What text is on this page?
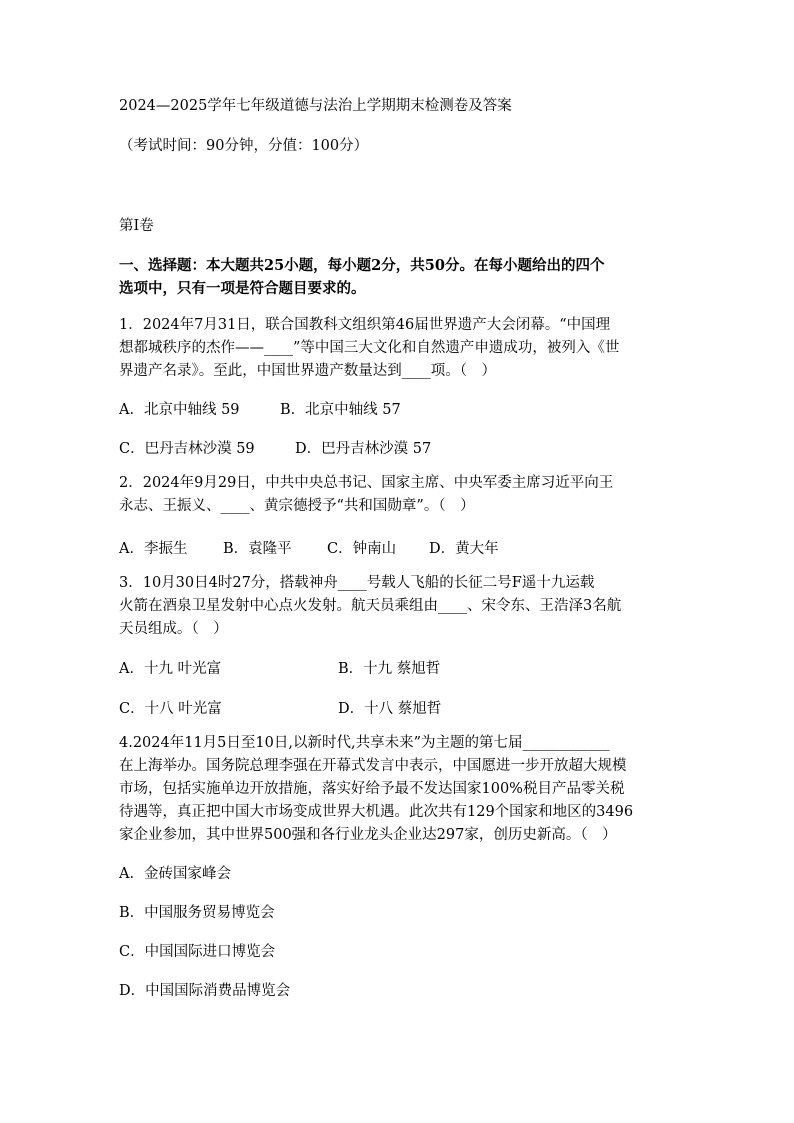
2024—2025学年七年级道德与法治上学期期末检测卷及答案
（考试时间：90分钟，分值：100分）
第Ⅰ卷
一、选择题：本大题共25小题，每小题2分，共50分。在每小题给出的四个
选项中，只有一项是符合题目要求的。
1．2024年7月31日，联合国教科文组织第46届世界遗产大会闭幕。“中国理
想都城秩序的杰作——____”等中国三大文化和自然遗产申遗成功，被列入《世
界遗产名录》。至此，中国世界遗产数量达到____项。（　）
A．北京中轴线 59	B．北京中轴线 57
C．巴丹吉林沙漠 59	D．巴丹吉林沙漠 57
2．2024年9月29日，中共中央总书记、国家主席、中央军委主席习近平向王
永志、王振义、____、黄宗德授予“共和国勋章”。（　）
A．李振生 B．袁隆平 C．钟南山 D．黄大年
3．10月30日4时27分，搭载神舟____号载人飞船的长征二号F遥十九运载
火箭在酒泉卫星发射中心点火发射。航天员乘组由____、宋令东、王浩泽3名航
天员组成。（　）
A．十九 叶光富	B．十九 蔡旭哲
C．十八 叶光富	D．十八 蔡旭哲
4.2024年11月5日至10日,以新时代,共享未来”为主题的第七届____________
在上海举办。国务院总理李强在开幕式发言中表示，中国愿进一步开放超大规模
市场，包括实施单边开放措施，落实好给予最不发达国家100%税目产品零关税
待遇等，真正把中国大市场变成世界大机遇。此次共有129个国家和地区的3496
家企业参加，其中世界500强和各行业龙头企业达297家，创历史新高。（　）
A．金砖国家峰会
B．中国服务贸易博览会
C．中国国际进口博览会
D．中国国际消费品博览会
